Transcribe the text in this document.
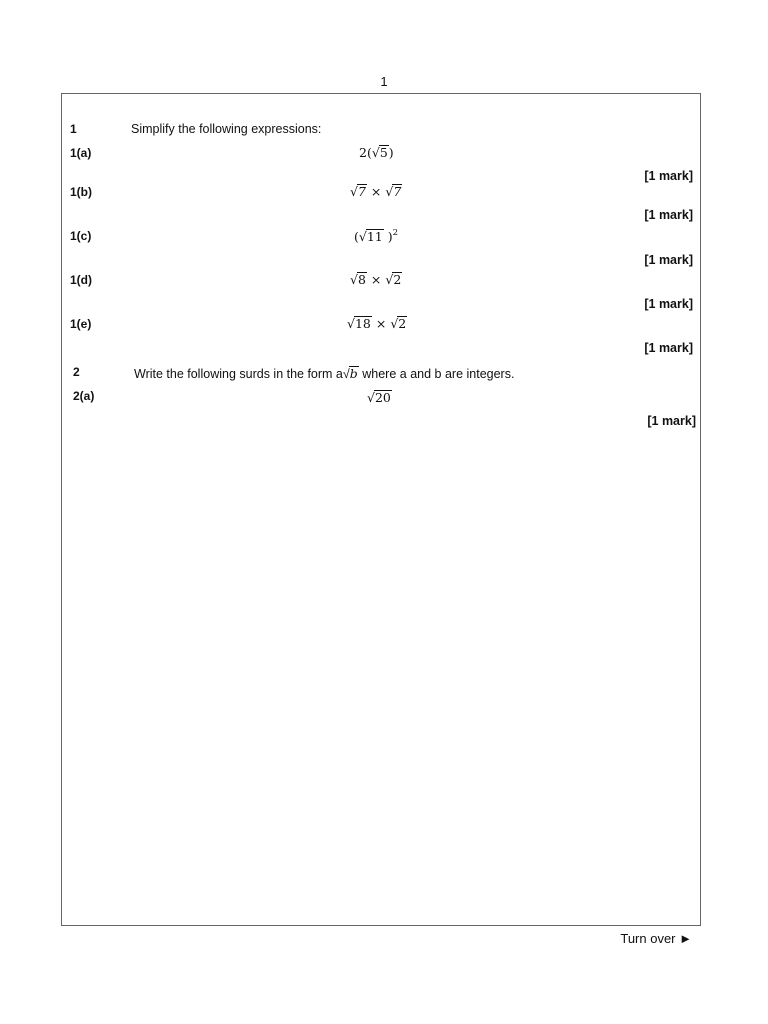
1
1	Simplify the following expressions:
1(a)	2(√5)
[1 mark]
1(b)	√7 × √7
[1 mark]
1(c)	(√11 )$^2$
[1 mark]
1(d)	√8 × √2
[1 mark]
1(e)	√18 × √2
[1 mark]
2	Write the following surds in the form a√b where a and b are integers.
2(a)	√20
[1 mark]
Turn over ►
